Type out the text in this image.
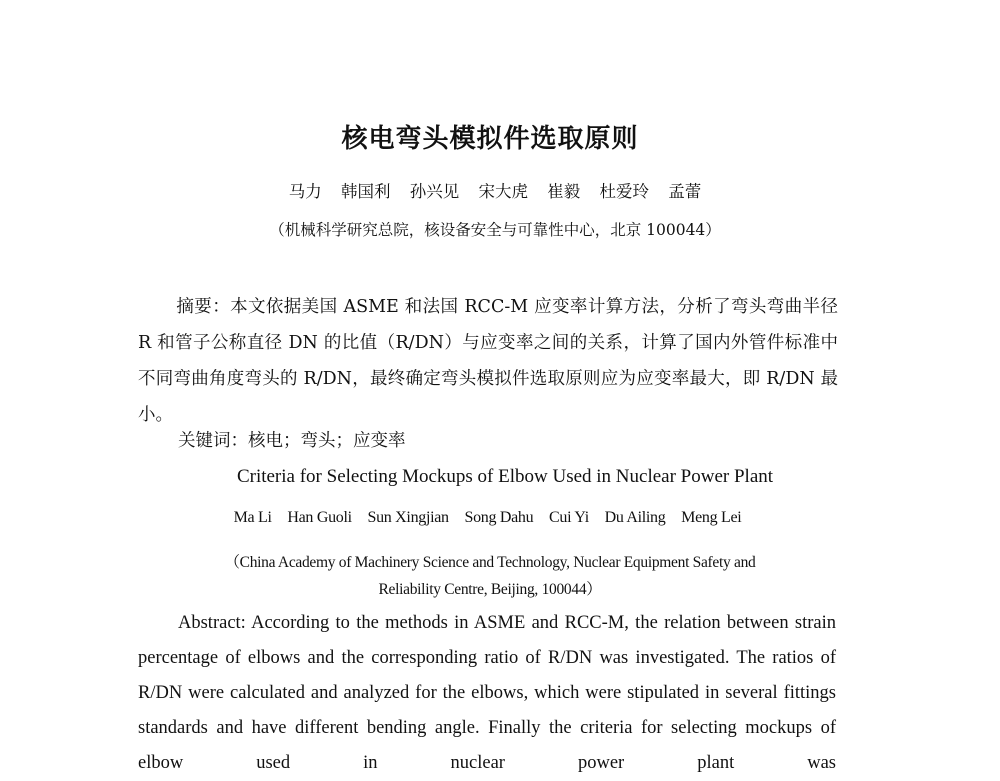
核电弯头模拟件选取原则
马力 韩国利 孙兴见 宋大虎 崔毅 杜爱玲 孟蕾
（机械科学研究总院，核设备安全与可靠性中心，北京 100044）
摘要：本文依据美国 ASME 和法国 RCC-M 应变率计算方法，分析了弯头弯曲半径 R 和管子公称直径 DN 的比值（R/DN）与应变率之间的关系，计算了国内外管件标准中不同弯曲角度弯头的 R/DN，最终确定弯头模拟件选取原则应为应变率最大，即 R/DN 最小。
关键词：核电；弯头；应变率
Criteria for Selecting Mockups of Elbow Used in Nuclear Power Plant
Ma Li Han Guoli Sun Xingjian Song Dahu Cui Yi Du Ailing Meng Lei
（China Academy of Machinery Science and Technology, Nuclear Equipment Safety and
Reliability Centre, Beijing, 100044）
Abstract: According to the methods in ASME and RCC-M, the relation between strain percentage of elbows and the corresponding ratio of R/DN was investigated. The ratios of R/DN were calculated and analyzed for the elbows, which were stipulated in several fittings standards and have different bending angle. Finally the criteria for selecting mockups of elbow used in nuclear power plant was
